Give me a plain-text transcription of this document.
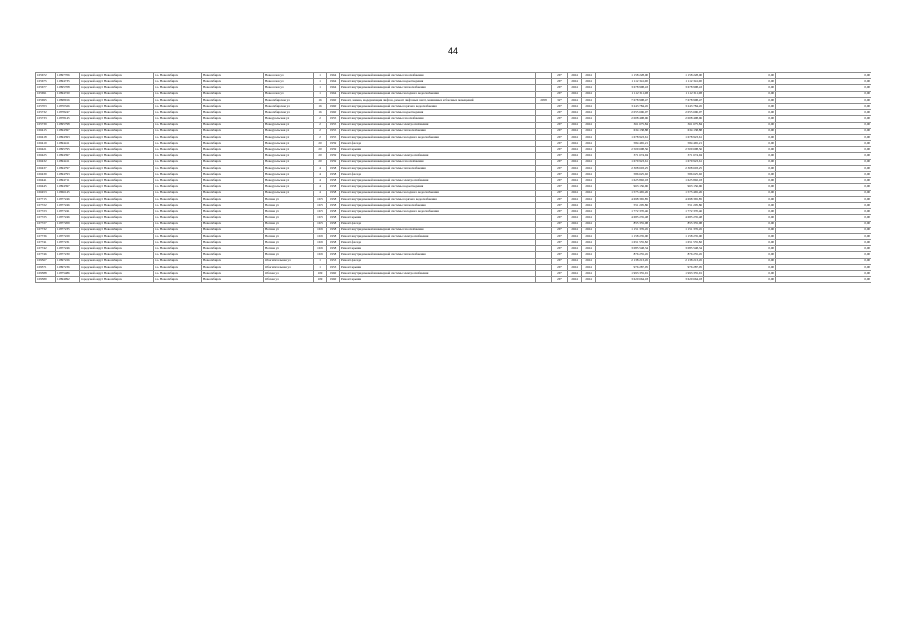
44
105672	11897706	городской округ Новосибирск	г.о. Новосибирск	Новосибирск	Новоселов ул	1	1964	Ремонт внутридомовой инженерной системы газоснабжения		26*	2024	2024	1 158 228,00	1 158 228,00	0,00	0,00
105675	11894735	городской округ Новосибирск	г.о. Новосибирск	Новосибирск	Новоселов ул	1	1964	Ремонт внутридомовой инженерной системы водоотведения		26*	2024	2024	1 112 341,00	1 112 341,00	0,00	0,00
105677	11895708	городской округ Новосибирск	г.о. Новосибирск	Новосибирск	Новоселов ул	1	1964	Ремонт внутридомовой инженерной системы теплоснабжения		26*	2024	2024	3 678 998,43	3 678 998,43	0,00	0,00
105691	11894720	городской округ Новосибирск	г.о. Новосибирск	Новосибирск	Новоселов ул	1	1964	Ремонт внутридомовой инженерной системы холодного водоснабжения		26*	2024	2024	1 112 311,08	1 112 311,08	0,00	0,00
105695	11898916	городской округ Новосибирск	г.о. Новосибирск	Новосибирск	Новосибирская ул	16	1960	Ремонт, замена, модернизация лифтов, ремонт лифтовых шахт, машинных и блочных помещений	2058	32*	2024	2024	7 678 998,47	7 678 998,47	0,00	0,00
105703	11870326	городской округ Новосибирск	г.о. Новосибирск	Новосибирск	Новосибирская ул	16	1960	Ремонт внутридомовой инженерной системы горячего водоснабжения		26*	2024	2024	3 243 784,45	3 243 784,45	0,00	0,00
105732	11878247	городской округ Новосибирск	г.о. Новосибирск	Новосибирск	Новосибирская ул	16	1960	Ремонт внутридомовой инженерной системы водоотведения		26*	2024	2024	2 055 696,07	2 055 696,07	0,00	0,00
105733	11878145	городской округ Новосибирск	г.о. Новосибирск	Новосибирск	Новоуральская ул	2	1955	Ремонт внутридомовой инженерной системы газоснабжения		26*	2024	2024	2 008 498,96	2 008 498,96	0,00	0,00
105739	11895798	городской округ Новосибирск	г.о. Новосибирск	Новосибирск	Новоуральская ул	2	1955	Ремонт внутридомовой инженерной системы электроснабжения		26*	2024	2024	361 675,84	361 675,84	0,00	0,00
106415	11894397	городской округ Новосибирск	г.о. Новосибирск	Новосибирск	Новоуральская ул	2	1955	Ремонт внутридомовой инженерной системы теплоснабжения		26*	2024	2024	634 138,88	634 138,88	0,00	0,00
106418	11894393	городской округ Новосибирск	г.о. Новосибирск	Новосибирск	Новоуральская ул	2	1955	Ремонт внутридомовой инженерной системы холодного водоснабжения		26*	2024	2024	1 678 923,61	1 678 923,61	0,00	0,00
106419	11894411	городской округ Новосибирск	г.о. Новосибирск	Новосибирск	Новоуральская ул	20	1959	Ремонт фасада		26*	2024	2024	584 465,21	584 465,21	0,00	0,00
106421	11895795	городской округ Новосибирск	г.о. Новосибирск	Новосибирск	Новоуральская ул	20	1959	Ремонт крыши		26*	2024	2024	2 509 698,56	2 509 698,56	0,00	0,00
106425	11894397	городской округ Новосибирск	г.о. Новосибирск	Новосибирск	Новоуральская ул	20	1959	Ремонт внутридомовой инженерной системы электроснабжения		26*	2024	2024	371 674,94	371 674,94	0,00	0,00
106432	11894411	городской округ Новосибирск	г.о. Новосибирск	Новосибирск	Новоуральская ул	20	1959	Ремонт внутридомовой инженерной системы газоснабжения		26*	2024	2024	1 679 923,61	1 679 923,61	0,00	0,00
106437	11894797	городской округ Новосибирск	г.о. Новосибирск	Новосибирск	Новоуральская ул	4	1958	Ремонт внутридомовой инженерной системы теплоснабжения		26*	2024	2024	2 308 603,25	2 308 603,25	0,00	0,00
106439	11894793	городской округ Новосибирск	г.о. Новосибирск	Новосибирск	Новоуральская ул	4	1958	Ремонт фасада		26*	2024	2024	586 625,92	586 625,92	0,00	0,00
106441	11894711	городской округ Новосибирск	г.о. Новосибирск	Новосибирск	Новоуральская ул	4	1958	Ремонт внутридомовой инженерной системы электроснабжения		26*	2024	2024	1 625 892,18	1 625 892,18	0,00	0,00
106445	11894397	городской округ Новосибирск	г.о. Новосибирск	Новосибирск	Новоуральская ул	4	1958	Ремонт внутридомовой инженерной системы водоотведения		26*	2024	2024	963 156,96	963 156,96	0,00	0,00
106453	11866145	городской округ Новосибирск	г.о. Новосибирск	Новосибирск	Новоуральская ул	4	1958	Ремонт внутридомовой инженерной системы холодного водоснабжения		26*	2024	2024	1 575 465,26	1 575 465,26	0,00	0,00
107715	11877246	городской округ Новосибирск	г.о. Новосибирск	Новосибирск	Ногина ул	10/5	1958	Ремонт внутридомовой инженерной системы горячего водоснабжения		26*	2024	2024	4 698 365,85	4 698 365,85	0,00	0,00
107722	11877246	городской округ Новосибирск	г.о. Новосибирск	Новосибирск	Ногина ул	10/5	1958	Ремонт внутридомовой инженерной системы теплоснабжения		26*	2024	2024	551 205,86	551 205,86	0,00	0,00
107723	11877241	городской округ Новосибирск	г.о. Новосибирск	Новосибирск	Ногина ул	10/5	1958	Ремонт внутридомовой инженерной системы холодного водоснабжения		26*	2024	2024	1 772 370,46	1 772 370,46	0,00	0,00
107725	11877246	городской округ Новосибирск	г.о. Новосибирск	Новосибирск	Ногина ул	10/5	1958	Ремонт крыши		26*	2024	2024	4 685 235,48	4 685 235,48	0,00	0,00
107727	11877209	городской округ Новосибирск	г.о. Новосибирск	Новосибирск	Ногина ул	10/5	1958	Ремонт фасада		26*	2024	2024	855 355,98	855 355,98	0,00	0,00
107732	11877235	городской округ Новосибирск	г.о. Новосибирск	Новосибирск	Ногина ул	10/6	1958	Ремонт внутридомовой инженерной системы газоснабжения		26*	2024	2024	1 151 376,45	1 151 376,45	0,00	0,00
107736	11877229	городской округ Новосибирск	г.о. Новосибирск	Новосибирск	Ногина ул	10/6	1958	Ремонт внутридомовой инженерной системы электроснабжения		26*	2024	2024	1 158 235,00	1 158 235,00	0,00	0,00
107741	11877231	городской округ Новосибирск	г.о. Новосибирск	Новосибирск	Ногина ул	10/6	1958	Ремонт фасада		26*	2024	2024	1 651 555,82	1 651 555,82	0,00	0,00
107742	11877246	городской округ Новосибирск	г.о. Новосибирск	Новосибирск	Ногина ул	10/6	1958	Ремонт крыши		26*	2024	2024	3 085 548,34	3 085 548,34	0,00	0,00
107746	11877230	городской округ Новосибирск	г.о. Новосибирск	Новосибирск	Ногина ул	10/6	1958	Ремонт внутридомовой инженерной системы теплоснабжения		26*	2024	2024	876 255,45	876 255,45	0,00	0,00
109567	11897226	городской округ Новосибирск	г.о. Новосибирск	Новосибирск	Обогатительная ул	1	1953	Ремонт фасада		26*	2024	2024	2 138 213,45	2 138 213,45	0,00	0,00
109571	11897236	городской округ Новосибирск	г.о. Новосибирск	Новосибирск	Обогатительная ул	1	1953	Ремонт крыши		26*	2024	2024	976 287,05	976 287,05	0,00	0,00
109588	11875486	городской округ Новосибирск	г.о. Новосибирск	Новосибирск	Обская ул	109	1960	Ремонт внутридомовой инженерной системы электроснабжения		26*	2024	2024	1 993 355,91	1 993 355,91	0,00	0,00
109589	11894992	городской округ Новосибирск	г.о. Новосибирск	Новосибирск	Обская ул	109	1960	Ремонт крыши		26*	2024	2024	3 620 664,18	3 620 664,18	0,00	0,00
